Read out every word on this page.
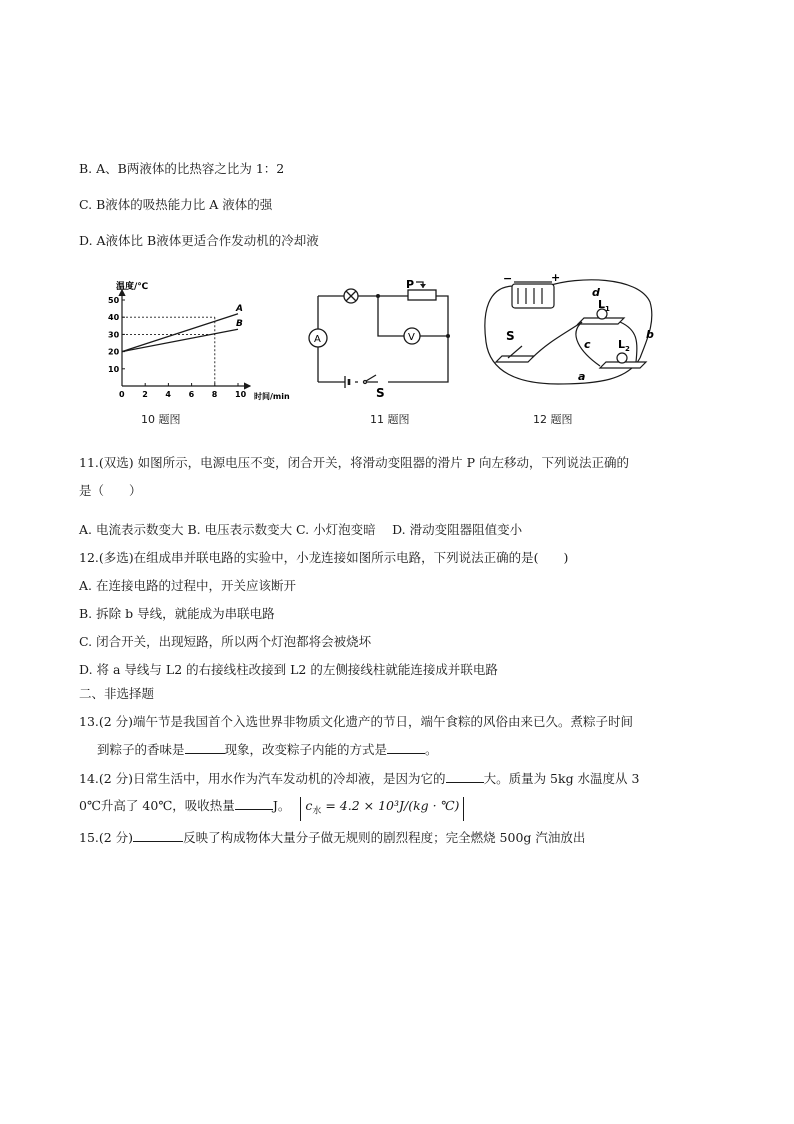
B. A、B两液体的比热容之比为 1：2
C. B液体的吸热能力比 A 液体的强
D. A液体比 B液体更适合作发动机的冷却液
0 2 4 6 8 10
10
20
30
40
50
A
B
温度/℃
时间/min
10 题图
A	V
P
S
11 题图
−	+
d
$L_1$
$L_2$
S
c
b
a
12 题图
11.(双选) 如图所示，电源电压不变，闭合开关，将滑动变阻器的滑片 P 向左移动，下列说法正确的
是（　　）
A. 电流表示数变大 B. 电压表示数变大 C. 小灯泡变暗　 D. 滑动变阻器阻值变小
12.(多选)在组成串并联电路的实验中，小龙连接如图所示电路，下列说法正确的是(　　)
A. 在连接电路的过程中，开关应该断开
B. 拆除 b 导线，就能成为串联电路
C. 闭合开关，出现短路，所以两个灯泡都将会被烧坏
D. 将 a 导线与 L2 的右接线柱改接到 L2 的左侧接线柱就能连接成并联电路
二、非选择题
13.(2 分)端午节是我国首个入选世界非物质文化遗产的节日，端午食粽的风俗由来已久。煮粽子时间
到粽子的香味是	现象，改变粽子内能的方式是	。
14.(2 分)日常生活中，用水作为汽车发动机的冷却液，是因为它的	大。质量为 5kg 水温度从 3
0℃升高了 40℃，吸收热量	J。 $c_水 = 4.2 \times 10^3J/(kg$ · ℃)
15.(2 分)	反映了构成物体大量分子做无规则的剧烈程度；完全燃烧 500g 汽油放出
